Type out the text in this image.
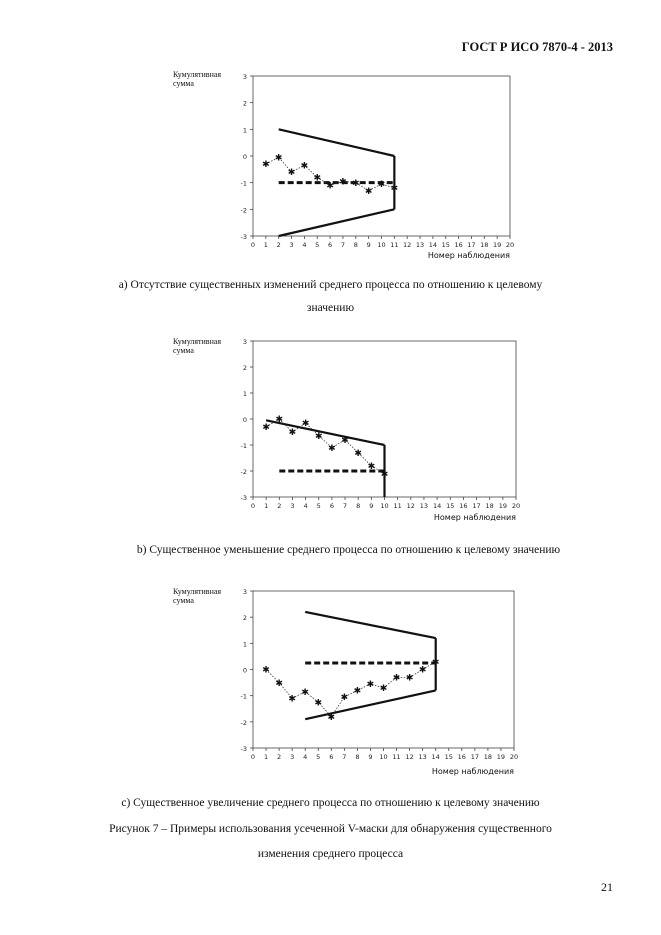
ГОСТ Р ИСО 7870-4 - 2013
Кумулятивная сумма
3
2
1
0
-1
-2
-3
0 1 2 3 4 5 6 7 8 9 10 11 12 13 14 15 16 17 18 19 20
Номер наблюдения
✱
✱
✱
✱
✱
✱ ✱ ✱
✱
✱ ✱
а) Отсутствие существенных изменений среднего процесса по отношению к целевому
значению
Кумулятивная сумма
3
2
1
0
-1
-2
-3
0 1 2 3 4 5 6 7 8 9 10 11 12 13 14 15 16 17 18 19 20
Номер наблюдения
✱
✱
✱
✱
✱
✱
✱
✱
✱
✱
b) Существенное уменьшение среднего процесса по отношению к целевому значению
Кумулятивная сумма
3
2
1
0
-1
-2
-3
0 1 2 3 4 5 6 7 8 9 10 11 12 13 14 15 16 17 18 19 20
Номер наблюдения
✱
✱
✱
✱
✱
✱
✱
✱
✱ ✱
✱ ✱
✱
✱
c) Существенное увеличение среднего процесса по отношению к целевому значению
Рисунок 7 – Примеры использования усеченной V-маски для обнаружения существенного
изменения среднего процесса
21
